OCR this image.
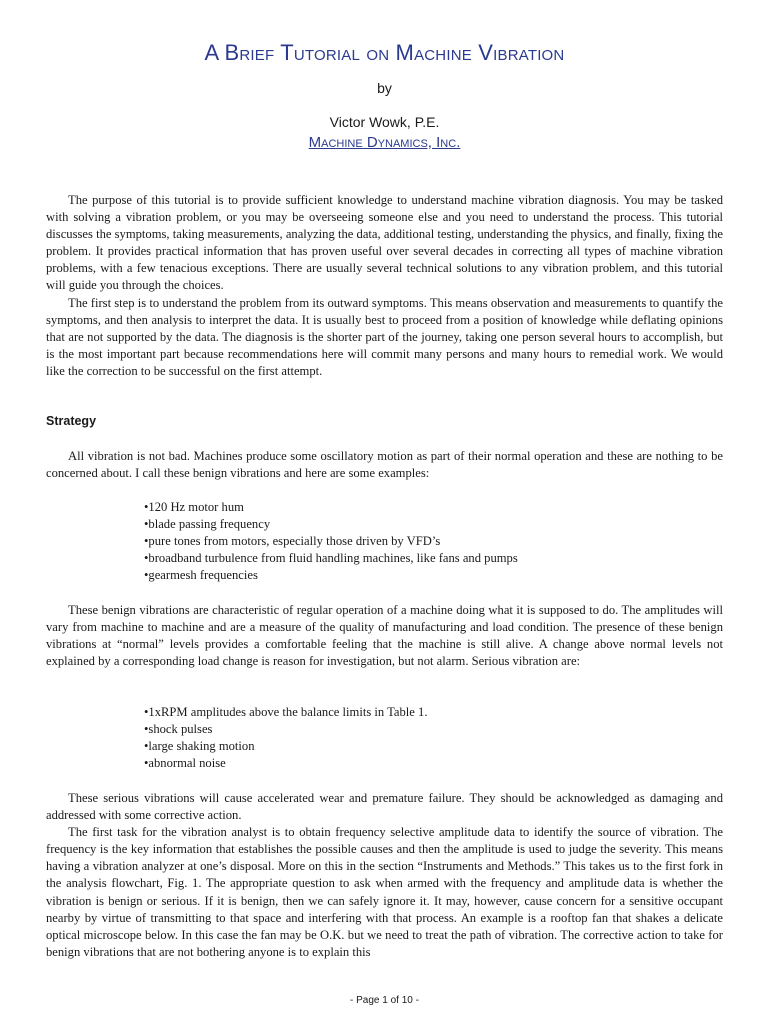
A Brief Tutorial on Machine Vibration
by
Victor Wowk, P.E.
Machine Dynamics, Inc.

The purpose of this tutorial is to provide sufficient knowledge to understand machine vibration diagnosis. You may be tasked with solving a vibration problem, or you may be overseeing someone else and you need to understand the process. This tutorial discusses the symptoms, taking measurements, analyzing the data, additional testing, understanding the physics, and finally, fixing the problem. It provides practical information that has proven useful over several decades in correcting all types of machine vibration problems, with a few tenacious exceptions. There are usually several technical solutions to any vibration problem, and this tutorial will guide you through the choices.

The first step is to understand the problem from its outward symptoms. This means observation and measurements to quantify the symptoms, and then analysis to interpret the data. It is usually best to proceed from a position of knowledge while deflating opinions that are not supported by the data. The diagnosis is the shorter part of the journey, taking one person several hours to accomplish, but is the most important part because recommendations here will commit many persons and many hours to remedial work. We would like the correction to be successful on the first attempt.

Strategy

All vibration is not bad. Machines produce some oscillatory motion as part of their normal operation and these are nothing to be concerned about. I call these benign vibrations and here are some examples:

• 120 Hz motor hum
• blade passing frequency
• pure tones from motors, especially those driven by VFD’s
• broadband turbulence from fluid handling machines, like fans and pumps
• gearmesh frequencies

These benign vibrations are characteristic of regular operation of a machine doing what it is supposed to do. The amplitudes will vary from machine to machine and are a measure of the quality of manufacturing and load condition. The presence of these benign vibrations at “normal” levels provides a comfortable feeling that the machine is still alive. A change above normal levels not explained by a corresponding load change is reason for investigation, but not alarm. Serious vibration are:

• 1xRPM amplitudes above the balance limits in Table 1.
• shock pulses
• large shaking motion
• abnormal noise

These serious vibrations will cause accelerated wear and premature failure. They should be acknowledged as damaging and addressed with some corrective action.

The first task for the vibration analyst is to obtain frequency selective amplitude data to identify the source of vibration. The frequency is the key information that establishes the possible causes and then the amplitude is used to judge the severity. This means having a vibration analyzer at one’s disposal. More on this in the section “Instruments and Methods.” This takes us to the first fork in the analysis flowchart, Fig. 1. The appropriate question to ask when armed with the frequency and amplitude data is whether the vibration is benign or serious. If it is benign, then we can safely ignore it. It may, however, cause concern for a sensitive occupant nearby by virtue of transmitting to that space and interfering with that process. An example is a rooftop fan that shakes a delicate optical microscope below. In this case the fan may be O.K. but we need to treat the path of vibration. The corrective action to take for benign vibrations that are not bothering anyone is to explain this

- Page 1 of 10 -
